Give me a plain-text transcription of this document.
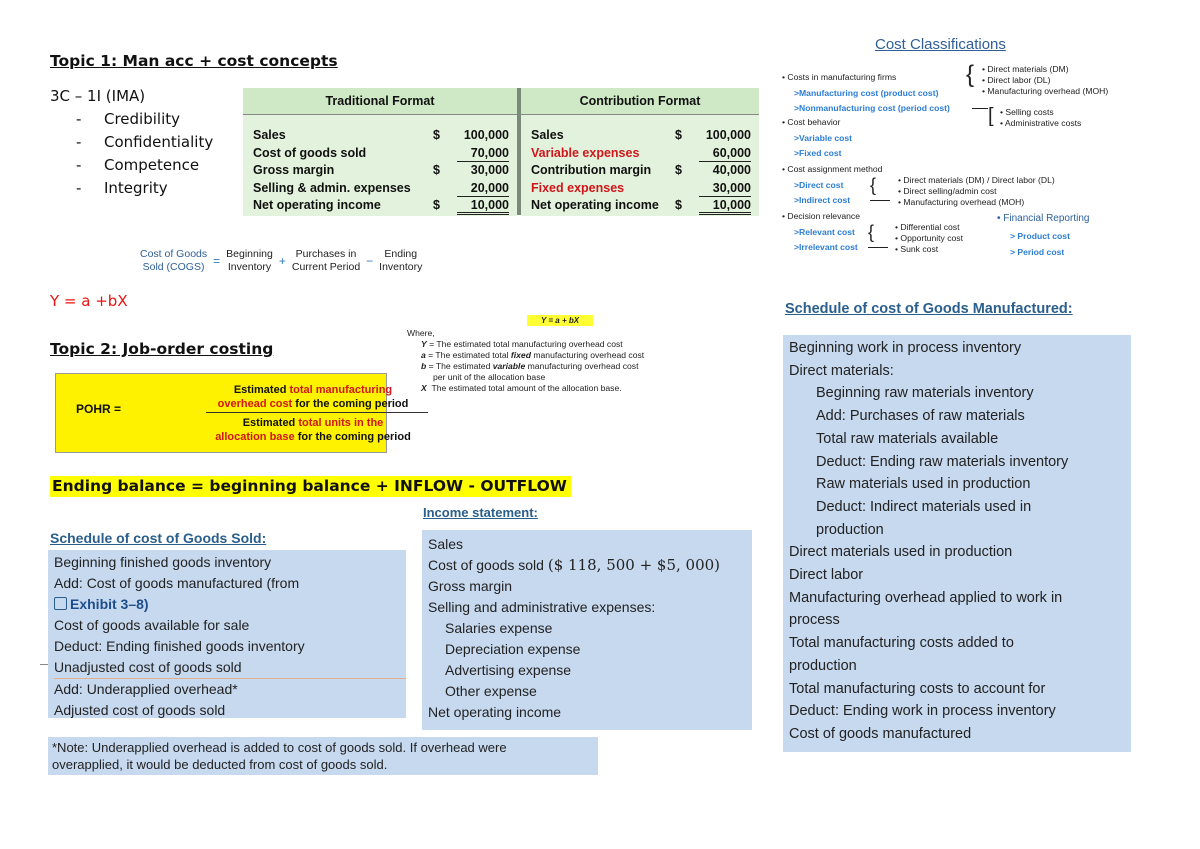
Topic 1: Man acc + cost concepts
3C – 1I (IMA)
- Credibility
- Confidentiality
- Competence
- Integrity
Traditional Format
Sales	$	100,000
Cost of goods sold	70,000
Gross margin	$	30,000
Selling & admin. expenses	20,000
Net operating income	$	10,000
Contribution Format
Sales	$	100,000
Variable expenses	60,000
Contribution margin $	40,000
Fixed expenses	30,000
Net operating income $	10,000
Cost of Goods
Sold (COGS) = Beginning
Inventory + Purchases in
Current Period −	Ending
Inventory
Y = a +bX
Y = a + bX
Where,
Y = The estimated total manufacturing overhead cost
a = The estimated total fixed manufacturing overhead cost
b = The estimated variable manufacturing overhead cost
per unit of the allocation base
X The estimated total amount of the allocation base.
Topic 2: Job-order costing
POHR =
Estimated total manufacturing
overhead cost for the coming period
Estimated total units in the
allocation base for the coming period
Ending balance = beginning balance + INFLOW - OUTFLOW
Schedule of cost of Goods Sold:
Beginning finished goods inventory
Add: Cost of goods manufactured (from
Exhibit 3–8)
Cost of goods available for sale
Deduct: Ending finished goods inventory
Unadjusted cost of goods sold
Add: Underapplied overhead*
Adjusted cost of goods sold
*Note: Underapplied overhead is added to cost of goods sold. If overhead were
overapplied, it would be deducted from cost of goods sold.
Income statement:
Sales
Cost of goods sold ($ 118, 500 + $5, 000)
Gross margin
Selling and administrative expenses:
Salaries expense
Depreciation expense
Advertising expense
Other expense
Net operating income
Cost Classifications
• Costs in manufacturing firms
>Manufacturing cost (product cost)
>Nonmanufacturing cost (period cost)
{ • Direct materials (DM)
• Direct labor (DL)
• Manufacturing overhead (MOH)
[ • Selling costs
• Administrative costs
• Cost behavior
>Variable cost
>Fixed cost
• Cost assignment method
>Direct cost
>Indirect cost
{	• Direct materials (DM) / Direct labor (DL)
• Direct selling/admin cost
• Manufacturing overhead (MOH)
• Decision relevance
>Relevant cost
>Irrelevant cost
{ • Differential cost
• Opportunity cost
• Sunk cost
• Financial Reporting
> Product cost
> Period cost
Schedule of cost of Goods Manufactured:
Beginning work in process inventory
Direct materials:
Beginning raw materials inventory
Add: Purchases of raw materials
Total raw materials available
Deduct: Ending raw materials inventory
Raw materials used in production
Deduct: Indirect materials used in
production
Direct materials used in production
Direct labor
Manufacturing overhead applied to work in
process
Total manufacturing costs added to
production
Total manufacturing costs to account for
Deduct: Ending work in process inventory
Cost of goods manufactured
